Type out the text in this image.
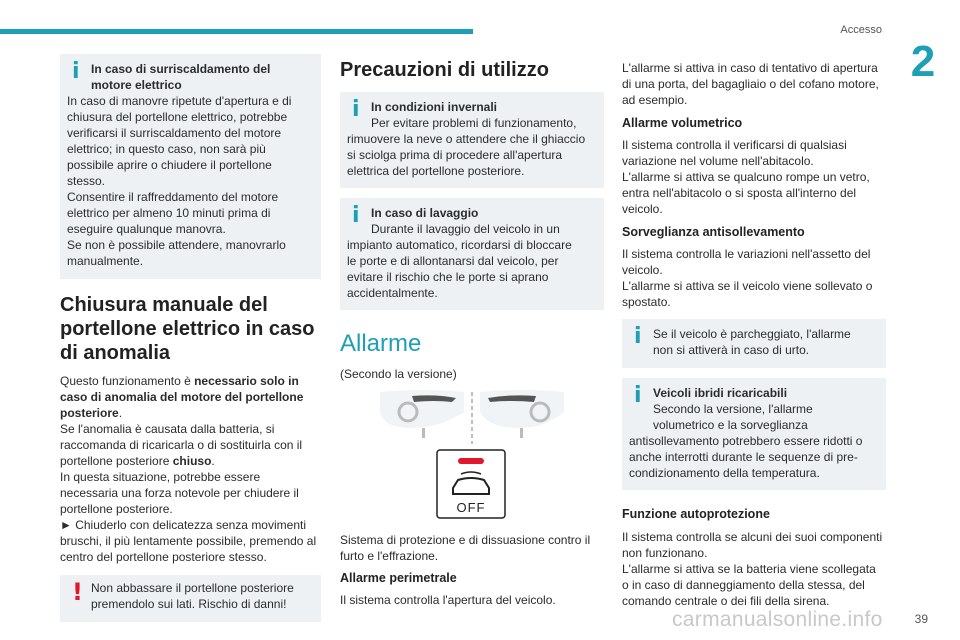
Accesso
2
i In caso di surriscaldamento del motore elettrico

In caso di manovre ripetute d'apertura e di

chiusura del portellone elettrico, potrebbe

verificarsi il surriscaldamento del motore

elettrico; in questo caso, non sarà più

possibile aprire o chiudere il portellone

stesso.

Consentire il raffreddamento del motore

elettrico per almeno 10 minuti prima di

eseguire qualunque manovra.

Se non è possibile attendere, manovrarlo

manualmente.

Chiusura manuale del
portellone elettrico in caso
di anomalia

Questo funzionamento è necessario solo in

caso di anomalia del motore del portellone

posteriore.

Se l'anomalia è causata dalla batteria, si

raccomanda di ricaricarla o di sostituirla con il

portellone posteriore chiuso.

In questa situazione, potrebbe essere

necessaria una forza notevole per chiudere il

portellone posteriore.

► Chiuderlo con delicatezza senza movimenti

bruschi, il più lentamente possibile, premendo al

centro del portellone posteriore stesso.

! Non abbassare il portellone posteriore

premendolo sui lati. Rischio di danni!

Precauzioni di utilizzo
i In condizioni invernali

Per evitare problemi di funzionamento,

rimuovere la neve o attendere che il ghiaccio

si sciolga prima di procedere all'apertura

elettrica del portellone posteriore.

i In caso di lavaggio

Durante il lavaggio del veicolo in un

impianto automatico, ricordarsi di bloccare

le porte e di allontanarsi dal veicolo, per

evitare il rischio che le porte si aprano

accidentalmente.

Allarme

(Secondo la versione)

OFF

Sistema di protezione e di dissuasione contro il

furto e l'effrazione.

Allarme perimetrale

Il sistema controlla l'apertura del veicolo.

L'allarme si attiva in caso di tentativo di apertura

di una porta, del bagagliaio o del cofano motore,

ad esempio.

Allarme volumetrico

Il sistema controlla il verificarsi di qualsiasi

variazione nel volume nell'abitacolo.

L'allarme si attiva se qualcuno rompe un vetro,

entra nell'abitacolo o si sposta all'interno del

veicolo.

Sorveglianza antisollevamento

Il sistema controlla le variazioni nell'assetto del

veicolo.

L'allarme si attiva se il veicolo viene sollevato o

spostato.

i Se il veicolo è parcheggiato, l'allarme

non si attiverà in caso di urto.

i Veicoli ibridi ricaricabili

Secondo la versione, l'allarme

volumetrico e la sorveglianza

antisollevamento potrebbero essere ridotti o

anche interrotti durante le sequenze di pre-

condizionamento della temperatura.

Funzione autoprotezione

Il sistema controlla se alcuni dei suoi componenti

non funzionano.

L'allarme si attiva se la batteria viene scollegata

o in caso di danneggiamento della stessa, del

comando centrale o dei fili della sirena.

carmanualsonline.info	39
